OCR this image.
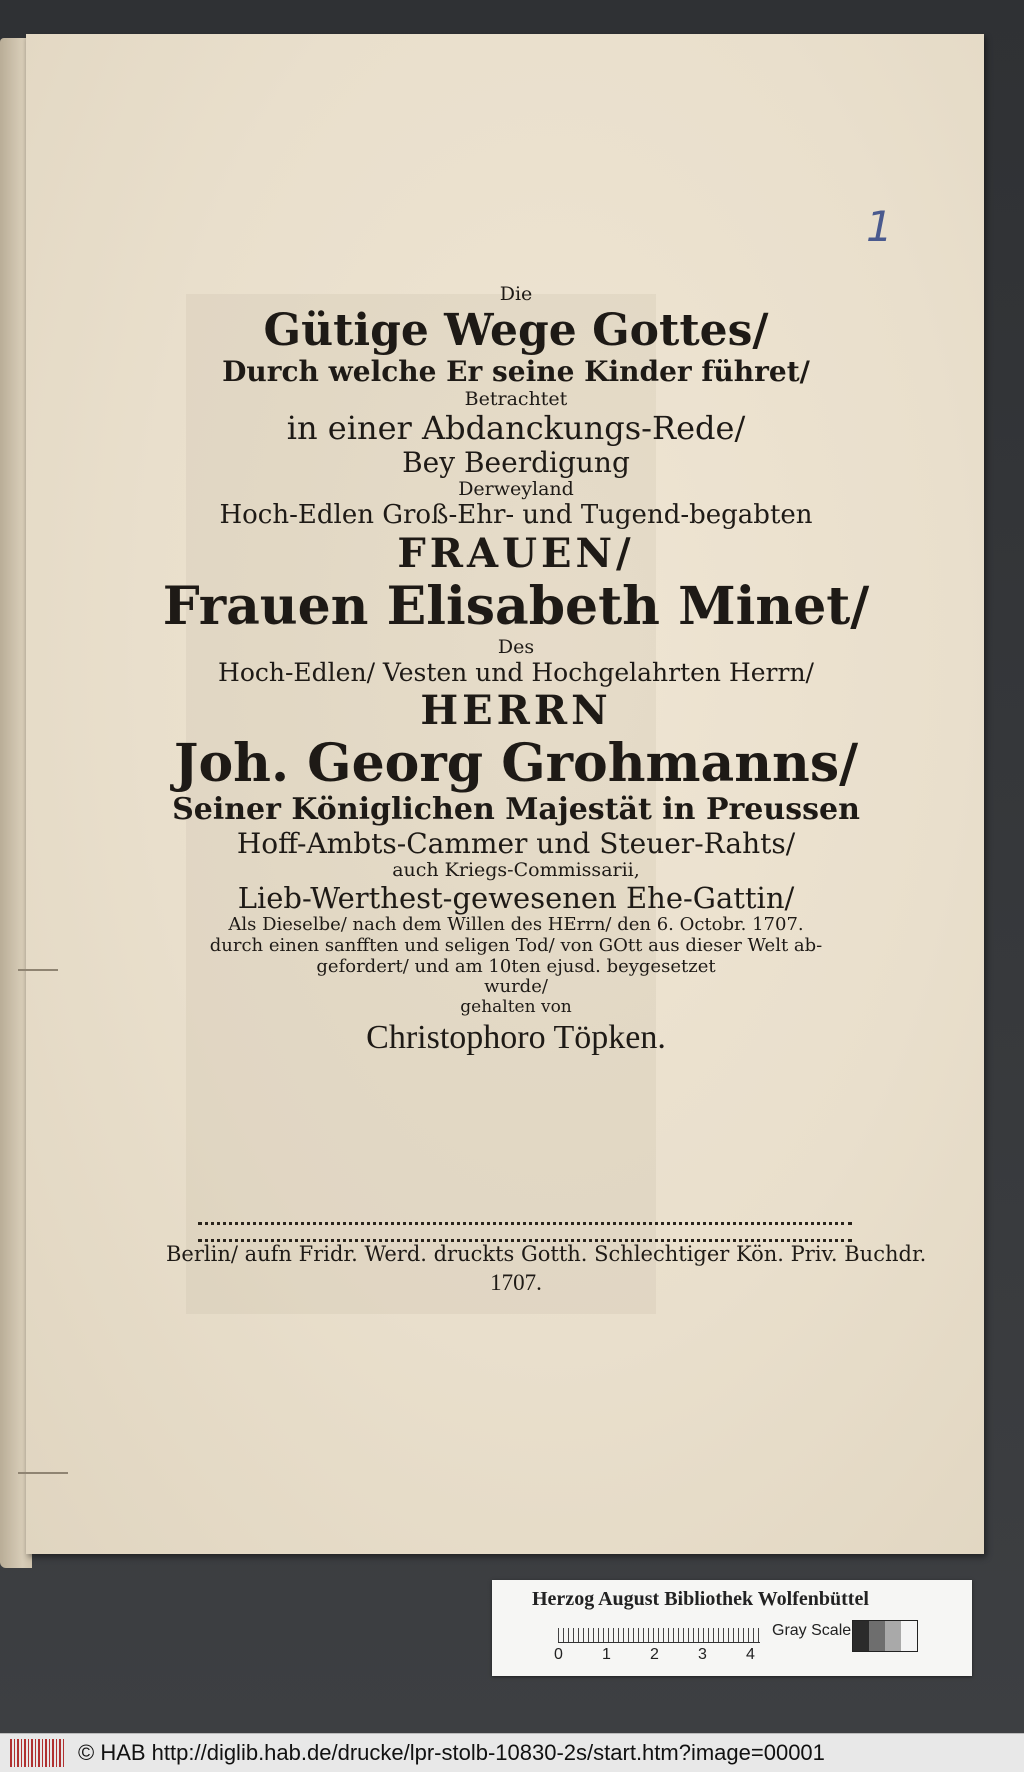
1
Die
Gütige Wege Gottes/
Durch welche Er seine Kinder führet/
Betrachtet
in einer Abdanckungs-Rede/
Bey Beerdigung
Derweyland
Hoch-Edlen Groß-Ehr- und Tugend-begabten
FRAUEN/
Frauen Elisabeth Minet/
Des
Hoch-Edlen/ Vesten und Hochgelahrten Herrn/
HERRN
Joh. Georg Grohmanns/
Seiner Königlichen Majestät in Preussen
Hoff-Ambts-Cammer und Steuer-Rahts/
auch Kriegs-Commissarii,
Lieb-Werthest-gewesenen Ehe-Gattin/
Als Dieselbe/ nach dem Willen des HErrn/ den 6. Octobr. 1707.
durch einen sanfften und seligen Tod/ von GOtt aus dieser Welt ab-
gefordert/ und am 10ten ejusd. beygesetzet
wurde/
gehalten von
Christophoro Töpken.
Berlin/ aufn Fridr. Werd. druckts Gotth. Schlechtiger Kön. Priv. Buchdr.
1707.
Herzog August Bibliothek Wolfenbüttel
0 1 2 3 4
Gray Scale
© HAB http://diglib.hab.de/drucke/lpr-stolb-10830-2s/start.htm?image=00001
